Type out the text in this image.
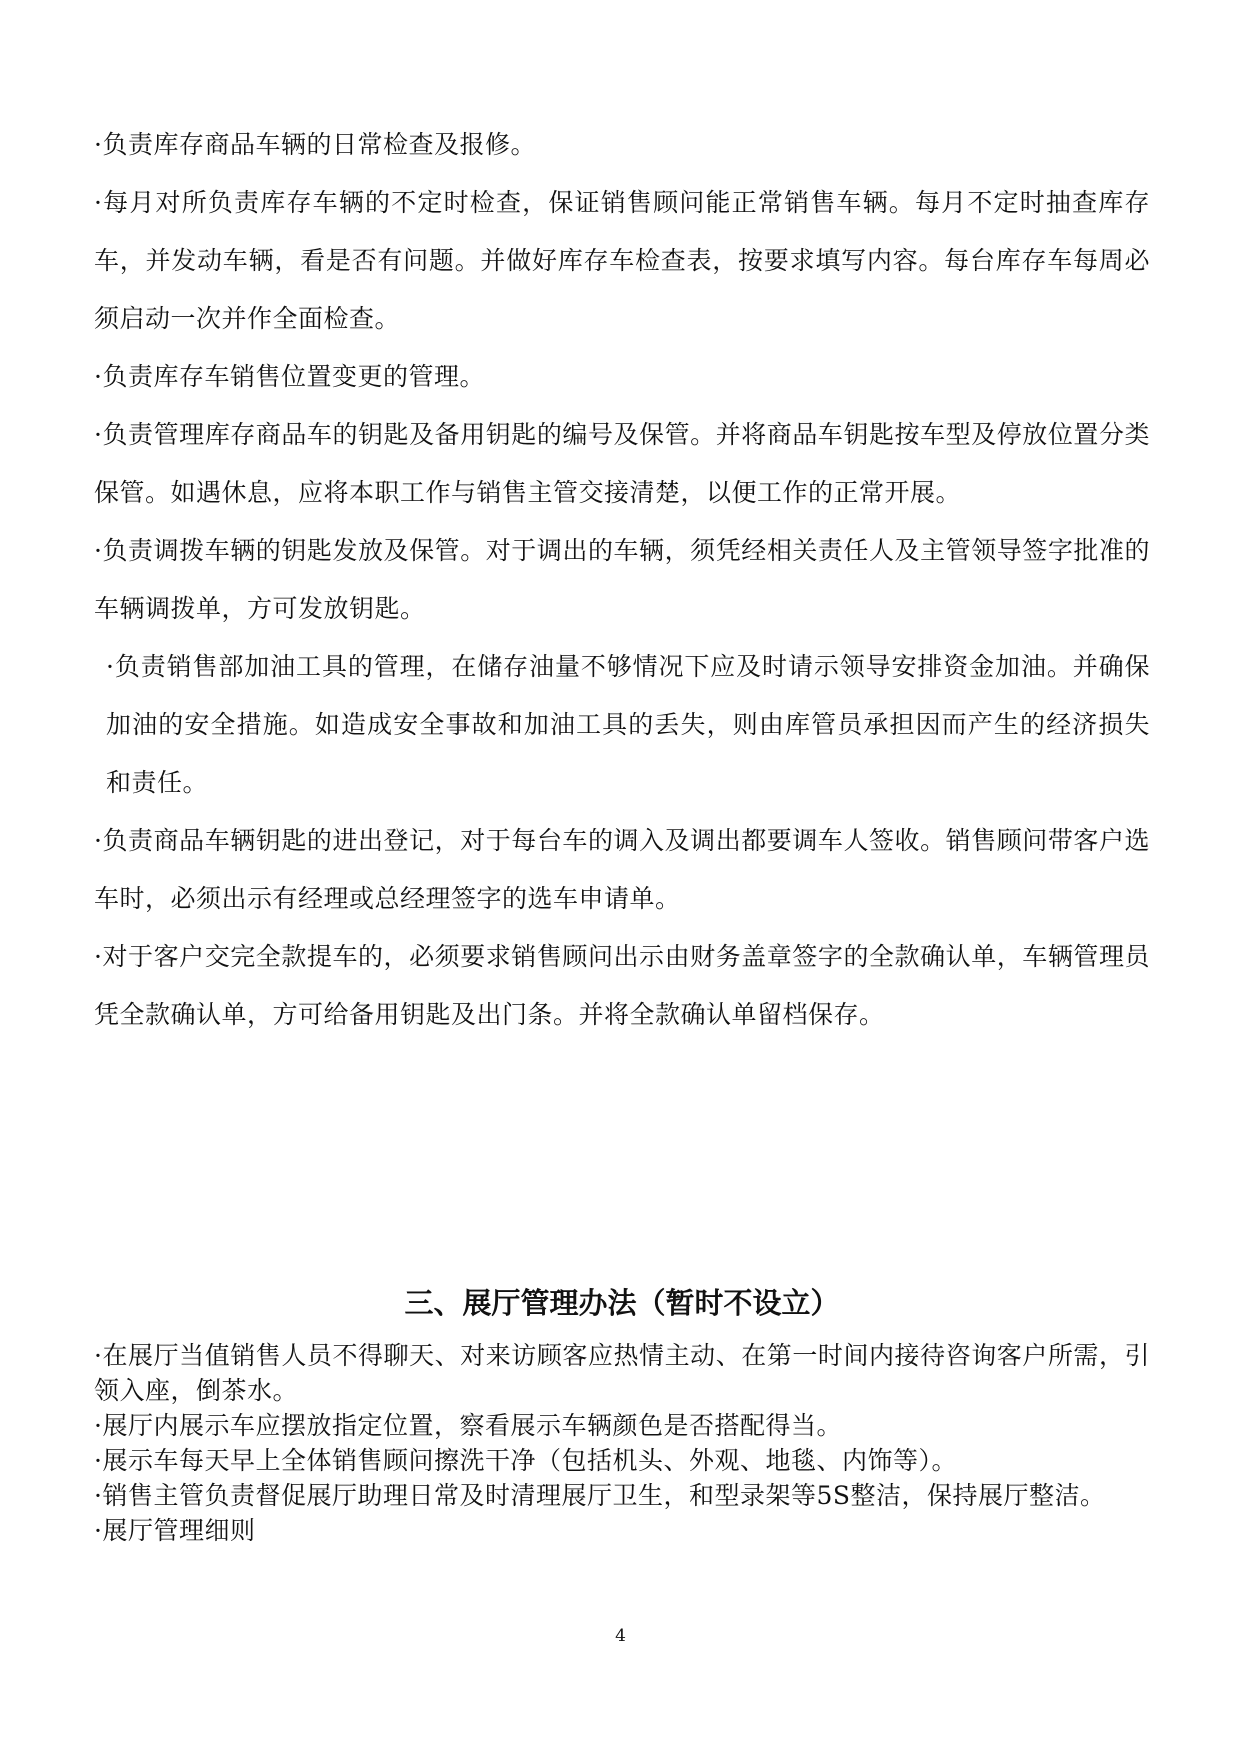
·负责库存商品车辆的日常检查及报修。

·每月对所负责库存车辆的不定时检查，保证销售顾问能正常销售车辆。每月不定时抽查库存车，并发动车辆，看是否有问题。并做好库存车检查表，按要求填写内容。每台库存车每周必须启动一次并作全面检查。

·负责库存车销售位置变更的管理。

·负责管理库存商品车的钥匙及备用钥匙的编号及保管。并将商品车钥匙按车型及停放位置分类保管。如遇休息，应将本职工作与销售主管交接清楚，以便工作的正常开展。

·负责调拨车辆的钥匙发放及保管。对于调出的车辆，须凭经相关责任人及主管领导签字批准的车辆调拨单，方可发放钥匙。

·负责销售部加油工具的管理，在储存油量不够情况下应及时请示领导安排资金加油。并确保加油的安全措施。如造成安全事故和加油工具的丢失，则由库管员承担因而产生的经济损失和责任。

·负责商品车辆钥匙的进出登记，对于每台车的调入及调出都要调车人签收。销售顾问带客户选车时，必须出示有经理或总经理签字的选车申请单。

·对于客户交完全款提车的，必须要求销售顾问出示由财务盖章签字的全款确认单，车辆管理员凭全款确认单，方可给备用钥匙及出门条。并将全款确认单留档保存。

三、展厅管理办法（暂时不设立）

·在展厅当值销售人员不得聊天、对来访顾客应热情主动、在第一时间内接待咨询客户所需，引领入座，倒茶水。

·展厅内展示车应摆放指定位置，察看展示车辆颜色是否搭配得当。

·展示车每天早上全体销售顾问擦洗干净（包括机头、外观、地毯、内饰等）。

·销售主管负责督促展厅助理日常及时清理展厅卫生，和型录架等5S整洁，保持展厅整洁。

·展厅管理细则

4
